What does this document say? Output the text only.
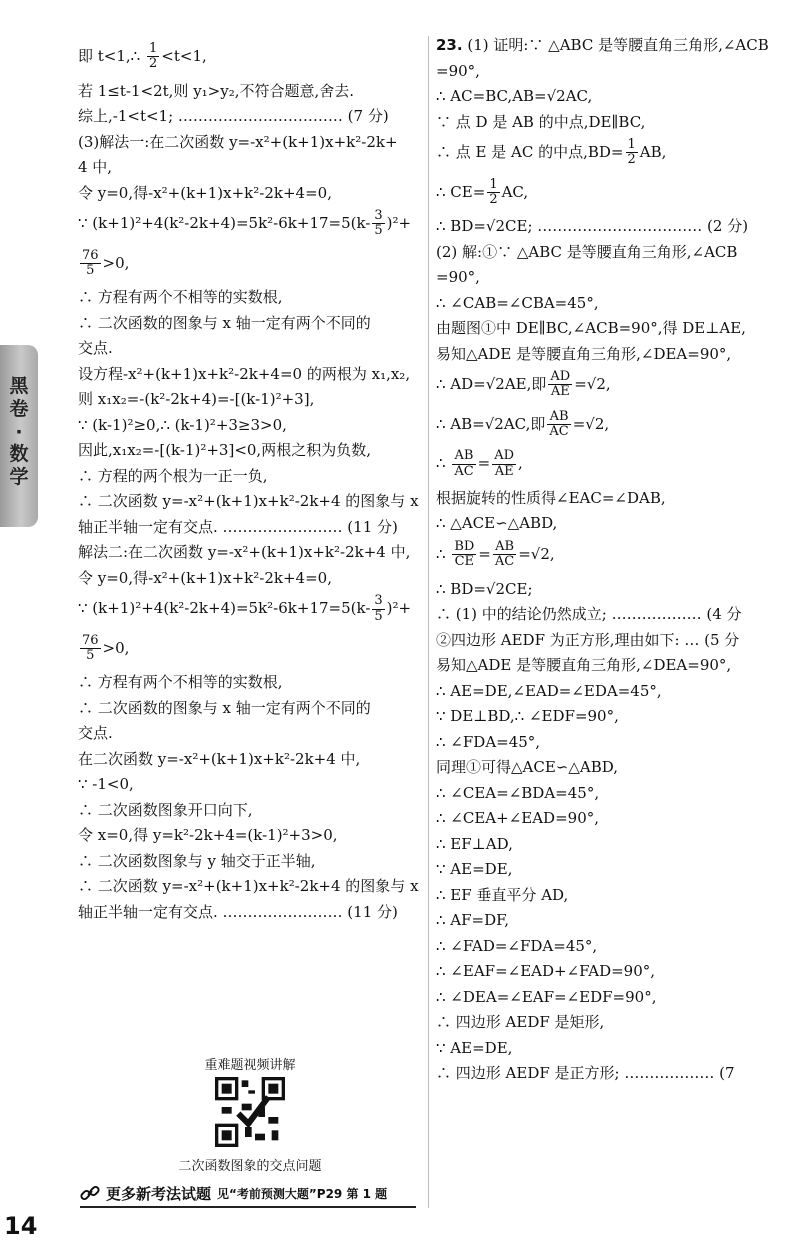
黑卷·数学
即 t<1,∴ $\frac{1}{2} <t<1$,
若 1≤t-1<2t,则 y₁>y₂,不符合题意,舍去.
综上,-1<t<1; …………………………… (7 分)
(3)解法一:在二次函数 y=-x²+(k+1)x+k²-2k+
4 中,
令 y=0,得-x²+(k+1)x+k²-2k+4=0,
∵ $(k+1)^2+4(k^2-2k+4)=5k^2-6k+17=5(k- \frac{3}{5} )^2+$
$\frac{76}{5} >0$,
∴ 方程有两个不相等的实数根,
∴ 二次函数的图象与 x 轴一定有两个不同的
交点.
设方程-x²+(k+1)x+k²-2k+4=0 的两根为 x₁,x₂,
则 x₁x₂=-(k²-2k+4)=-[(k-1)²+3],
∵ (k-1)²≥0,∴ (k-1)²+3≥3>0,
因此,x₁x₂=-[(k-1)²+3]<0,两根之积为负数,
∴ 方程的两个根为一正一负,
∴ 二次函数 y=-x²+(k+1)x+k²-2k+4 的图象与 x
轴正半轴一定有交点. …………………… (11 分)
解法二:在二次函数 y=-x²+(k+1)x+k²-2k+4 中,
令 y=0,得-x²+(k+1)x+k²-2k+4=0,
∵ $(k+1)^2+4(k^2-2k+4)=5k^2-6k+17=5(k- \frac{3}{5} )^2+$
$\frac{76}{5} >0$,
∴ 方程有两个不相等的实数根,
∴ 二次函数的图象与 x 轴一定有两个不同的
交点.
在二次函数 y=-x²+(k+1)x+k²-2k+4 中,
∵ -1<0,
∴ 二次函数图象开口向下,
令 x=0,得 y=k²-2k+4=(k-1)²+3>0,
∴ 二次函数图象与 y 轴交于正半轴,
∴ 二次函数 y=-x²+(k+1)x+k²-2k+4 的图象与 x
轴正半轴一定有交点. …………………… (11 分)
重难题视频讲解
二次函数图象的交点问题
更多新考法试题 见“考前预测大题”P29 第 1 题
14
23. (1) 证明:∵ △ABC 是等腰直角三角形,∠ACB
=90°,
∴ AC=BC,AB=√2AC,
∵ 点 D 是 AB 的中点,DE∥BC,
∴ 点 E 是 AC 的中点$,BD= \frac{1}{2}$ AB,
∴ $CE= \frac{1}{2}$ AC,
∴ BD=√2CE; …………………………… (2 分)
(2) 解:①∵ △ABC 是等腰直角三角形,∠ACB
=90°,
∴ ∠CAB=∠CBA=45°,
由题图①中 DE∥BC,∠ACB=90°,得 DE⊥AE,
易知△ADE 是等腰直角三角形,∠DEA=90°,
∴ AD=√2AE,即 $\frac{AD}{AE} =√2$,
∴ AB=√2AC,即 $\frac{AB}{AC} =√2$,
∴ $\frac{AB}{AC} = \frac{AD}{AE}$ ,
根据旋转的性质得∠EAC=∠DAB,
∴ △ACE∽△ABD,
∴ $\frac{BD}{CE} = \frac{AB}{AC} =√2$,
∴ BD=√2CE;
∴ (1) 中的结论仍然成立; ……………… (4 分
②四边形 AEDF 为正方形,理由如下: … (5 分
易知△ADE 是等腰直角三角形,∠DEA=90°,
∴ AE=DE,∠EAD=∠EDA=45°,
∵ DE⊥BD,∴ ∠EDF=90°,
∴ ∠FDA=45°,
同理①可得△ACE∽△ABD,
∴ ∠CEA=∠BDA=45°,
∴ ∠CEA+∠EAD=90°,
∴ EF⊥AD,
∵ AE=DE,
∴ EF 垂直平分 AD,
∴ AF=DF,
∴ ∠FAD=∠FDA=45°,
∴ ∠EAF=∠EAD+∠FAD=90°,
∴ ∠DEA=∠EAF=∠EDF=90°,
∴ 四边形 AEDF 是矩形,
∵ AE=DE,
∴ 四边形 AEDF 是正方形; ……………… (7
